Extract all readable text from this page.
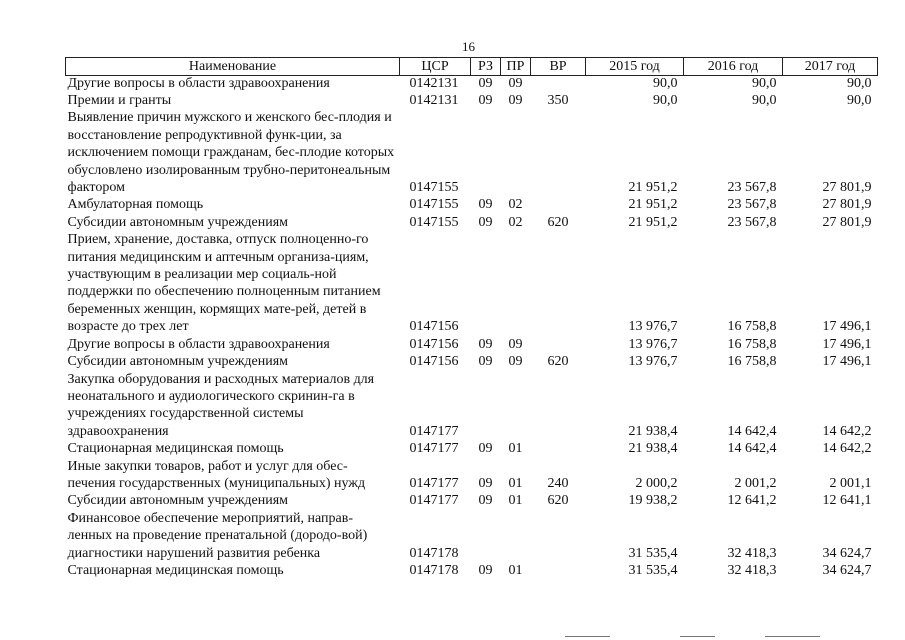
16
Наименование	ЦСР	РЗ	ПР	ВР	2015 год	2016 год	2017 год
Другие вопросы в области здравоохранения	0142131	09	09		90,0	90,0	90,0
Премии и гранты	0142131	09	09	350	90,0	90,0	90,0
Выявление причин мужского и женского бес-плодия и восстановление репродуктивной функ-ции, за исключением помощи гражданам, бес-плодие которых обусловлено изолированным трубно-перитонеальным фактором	0147155				21 951,2	23 567,8	27 801,9
Амбулаторная помощь	0147155	09	02		21 951,2	23 567,8	27 801,9
Субсидии автономным учреждениям	0147155	09	02	620	21 951,2	23 567,8	27 801,9
Прием, хранение, доставка, отпуск полноценно-го питания медицинским и аптечным организа-циям, участвующим в реализации мер социаль-ной поддержки по обеспечению полноценным питанием беременных женщин, кормящих мате-рей, детей в возрасте до трех лет	0147156				13 976,7	16 758,8	17 496,1
Другие вопросы в области здравоохранения	0147156	09	09		13 976,7	16 758,8	17 496,1
Субсидии автономным учреждениям	0147156	09	09	620	13 976,7	16 758,8	17 496,1
Закупка оборудования и расходных материалов для неонатального и аудиологического скринин-га в учреждениях государственной системы здравоохранения	0147177				21 938,4	14 642,4	14 642,2
Стационарная медицинская помощь	0147177	09	01		21 938,4	14 642,4	14 642,2
Иные закупки товаров, работ и услуг для обес-печения государственных (муниципальных) нужд	0147177	09	01	240	2 000,2	2 001,2	2 001,1
Субсидии автономным учреждениям	0147177	09	01	620	19 938,2	12 641,2	12 641,1
Финансовое обеспечение мероприятий, направ-ленных на проведение пренатальной (дородо-вой) диагностики нарушений развития ребенка	0147178				31 535,4	32 418,3	34 624,7
Стационарная медицинская помощь	0147178	09	01		31 535,4	32 418,3	34 624,7
